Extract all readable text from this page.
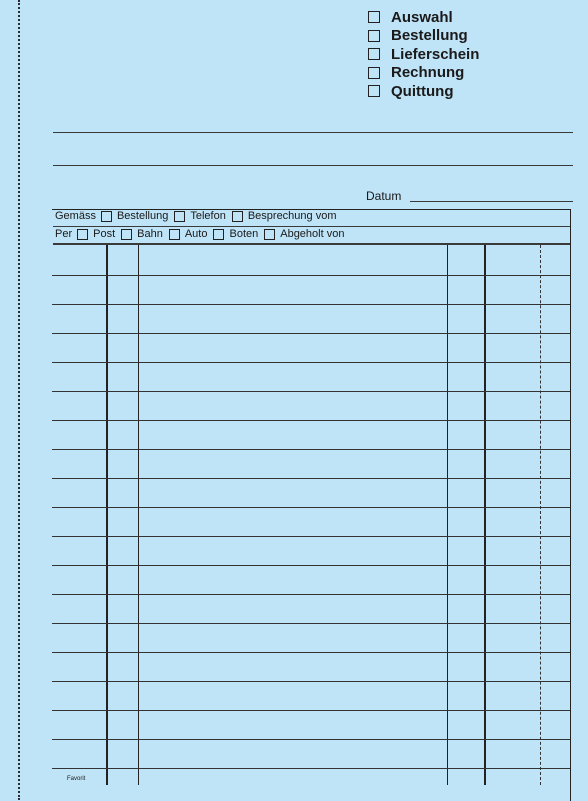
Auswahl
Bestellung
Lieferschein
Rechnung
Quittung
Datum
Gemäss Bestellung Telefon Besprechung vom
Per Post Bahn Auto Boten Abgeholt von
Favorit
